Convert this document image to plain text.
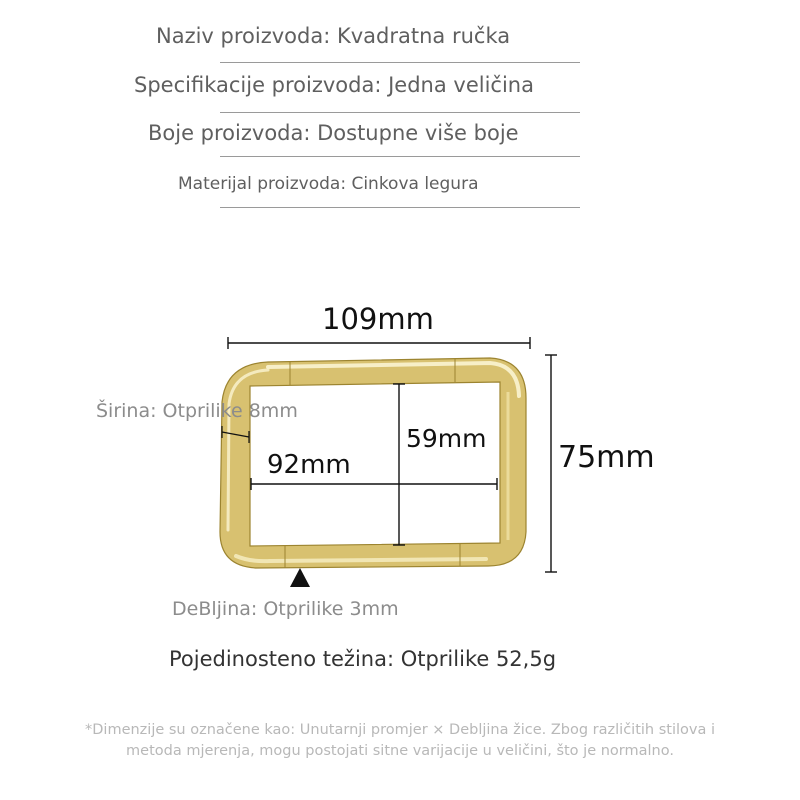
Naziv proizvoda: Kvadratna ručka
Specifikacije proizvoda: Jedna veličina
Boje proizvoda: Dostupne više boje
Materijal proizvoda: Cinkova legura
109mm
75mm
59mm
92mm
Širina: Otprilike 8mm
DeBljina: Otprilike 3mm
Pojedinosteno težina: Otprilike 52,5g
*Dimenzije su označene kao: Unutarnji promjer × Debljina žice. Zbog različitih stilova i
metoda mjerenja, mogu postojati sitne varijacije u veličini, što je normalno.
